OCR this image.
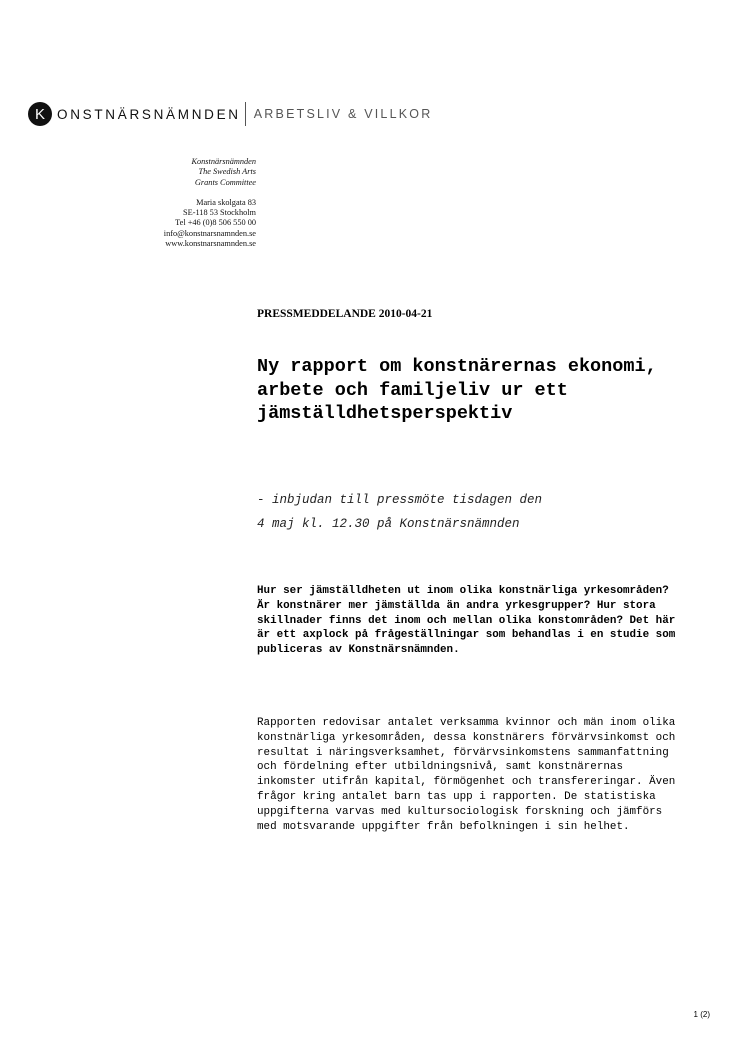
K ONSTNÄRSNÄMNDEN ARBETSLIV & VILLKOR
Konstnärsnämnden
The Swedish Arts
Grants Committee
Maria skolgata 83
SE-118 53 Stockholm
Tel +46 (0)8 506 550 00
info@konstnarsnamnden.se
www.konstnarsnamnden.se
PRESSMEDDELANDE 2010-04-21
Ny rapport om konstnärernas ekonomi, arbete och familjeliv ur ett jämställdhetsperspektiv
- inbjudan till pressmöte tisdagen den
4 maj kl. 12.30 på Konstnärsnämnden

Hur ser jämställdheten ut inom olika konstnärliga yrkesområden? Är konstnärer mer jämställda än andra yrkesgrupper? Hur stora skillnader finns det inom och mellan olika konstområden? Det här är ett axplock på frågeställningar som behandlas i en studie som publiceras av Konstnärsnämnden.

Rapporten redovisar antalet verksamma kvinnor och män inom olika konstnärliga yrkesområden, dessa konstnärers förvärvsinkomst och resultat i näringsverksamhet, förvärvsinkomstens sammanfattning och fördelning efter utbildningsnivå, samt konstnärernas inkomster utifrån kapital, förmögenhet och transfereringar. Även frågor kring antalet barn tas upp i rapporten. De statistiska uppgifterna varvas med kultursociologisk forskning och jämförs med motsvarande uppgifter från befolkningen i sin helhet.

1 (2)
